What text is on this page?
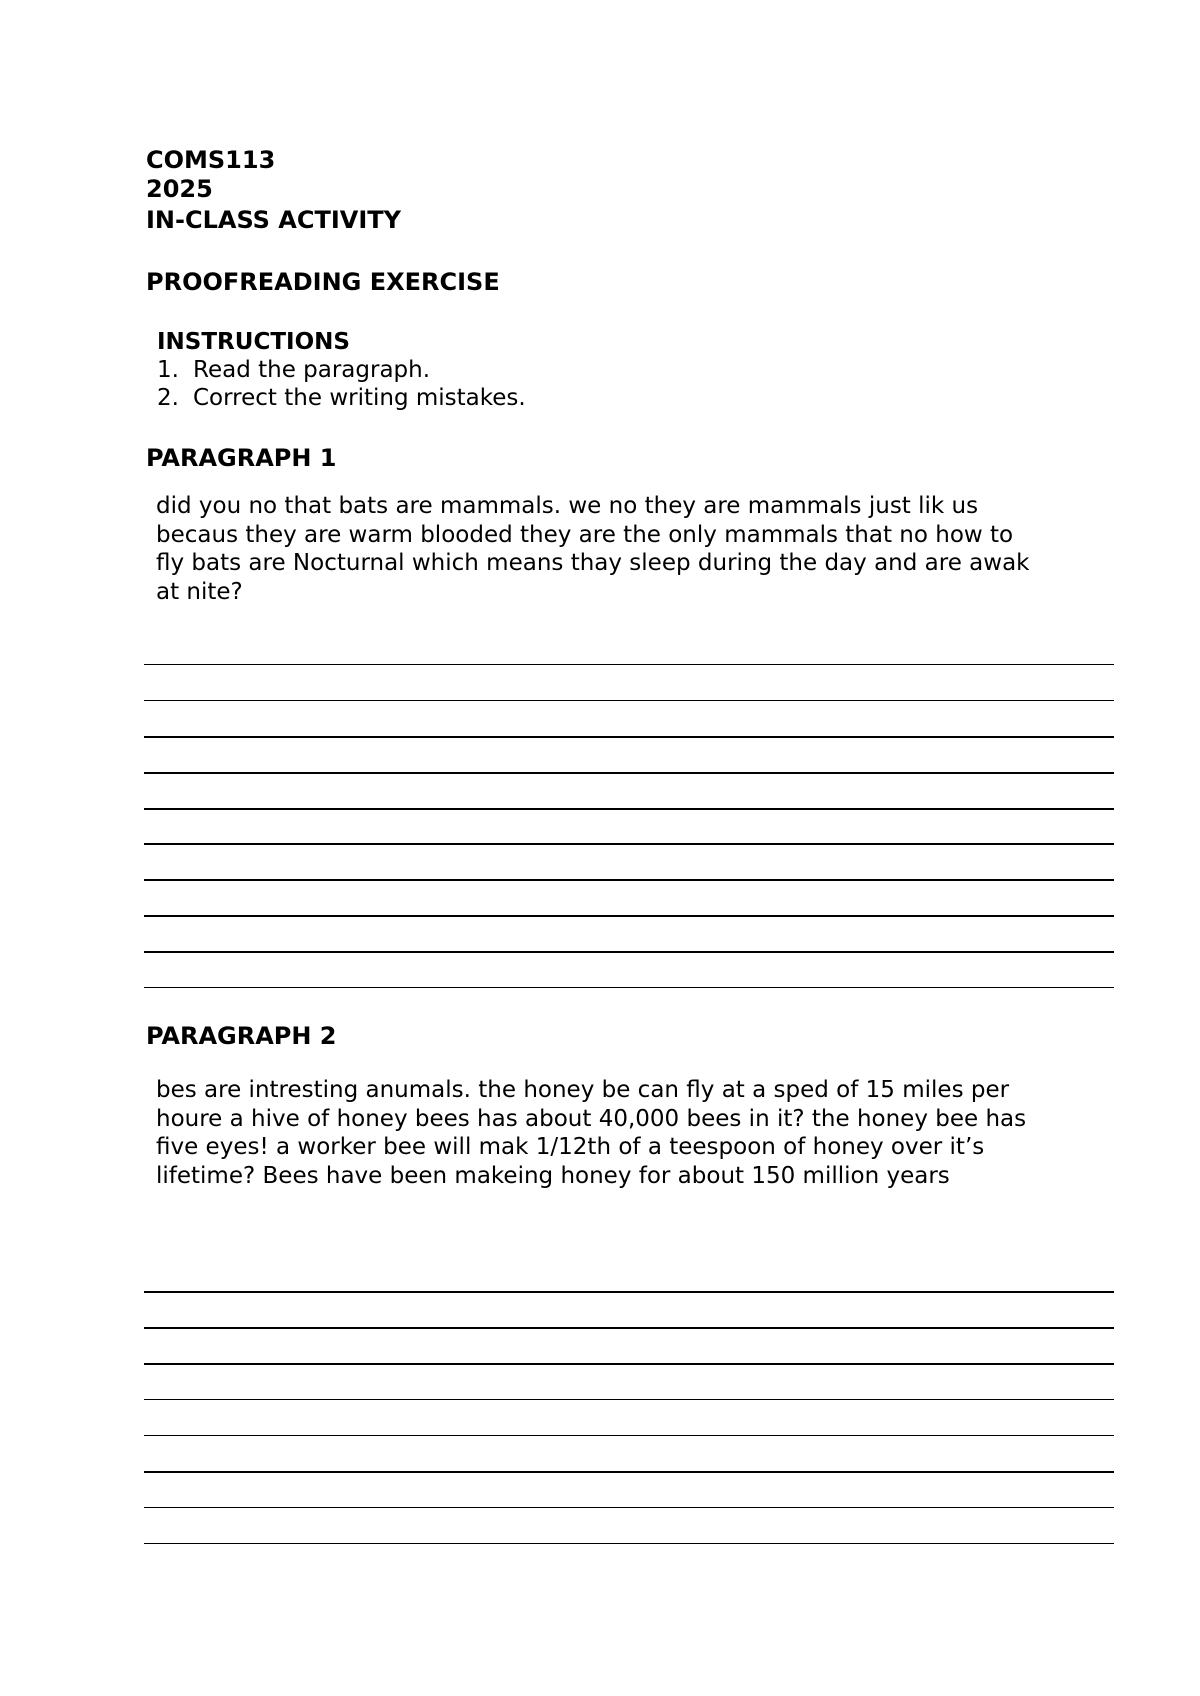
COMS113

2025

IN-CLASS ACTIVITY

PROOFREADING EXERCISE

INSTRUCTIONS

1. Read the paragraph.
2. Correct the writing mistakes.

PARAGRAPH 1

did you no that bats are mammals. we no they are mammals just lik us becaus they are warm blooded they are the only mammals that no how to fly bats are Nocturnal which means thay sleep during the day and are awak at nite?

PARAGRAPH 2

bes are intresting anumals. the honey be can fly at a sped of 15 miles per houre a hive of honey bees has about 40,000 bees in it? the honey bee has five eyes! a worker bee will mak 1/12th of a teespoon of honey over it’s lifetime? Bees have been makeing honey for about 150 million years
